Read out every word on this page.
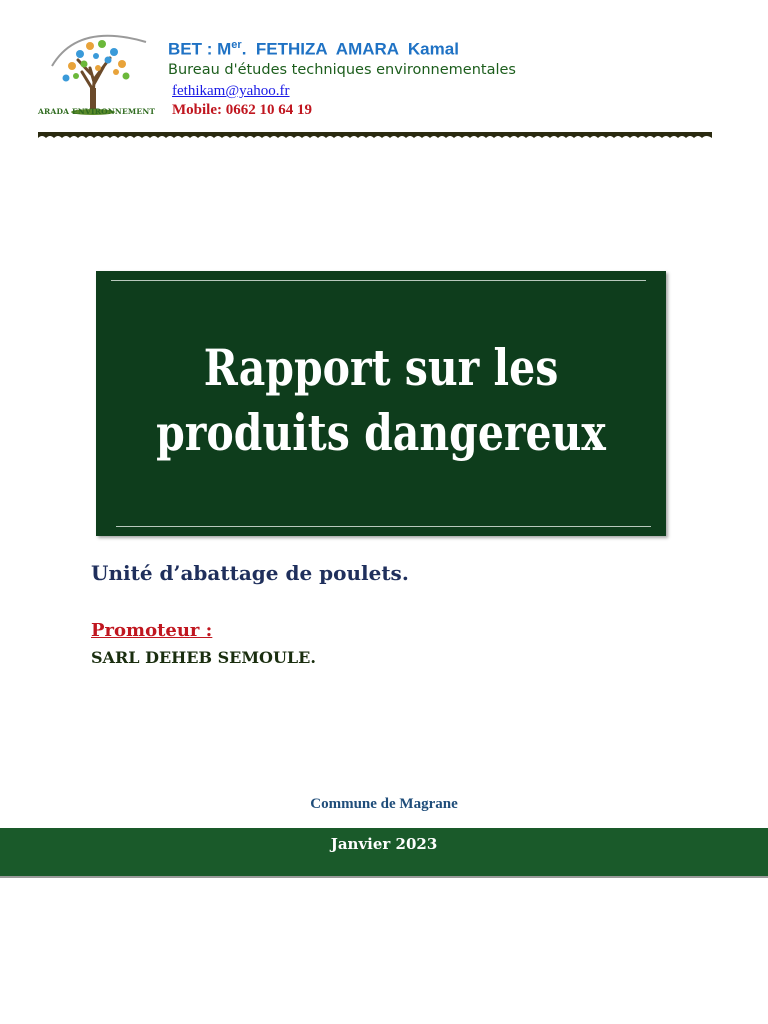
ARADA ENVIRONNEMENT
BET : Mer.  FETHIZA  AMARA  Kamal
Bureau d'études techniques environnementales
fethikam@yahoo.fr
Mobile: 0662 10 64 19
Rapport sur les
produits dangereux
Unité d’abattage de poulets.
Promoteur :
SARL DEHEB SEMOULE.
Commune de Magrane
Janvier 2023
